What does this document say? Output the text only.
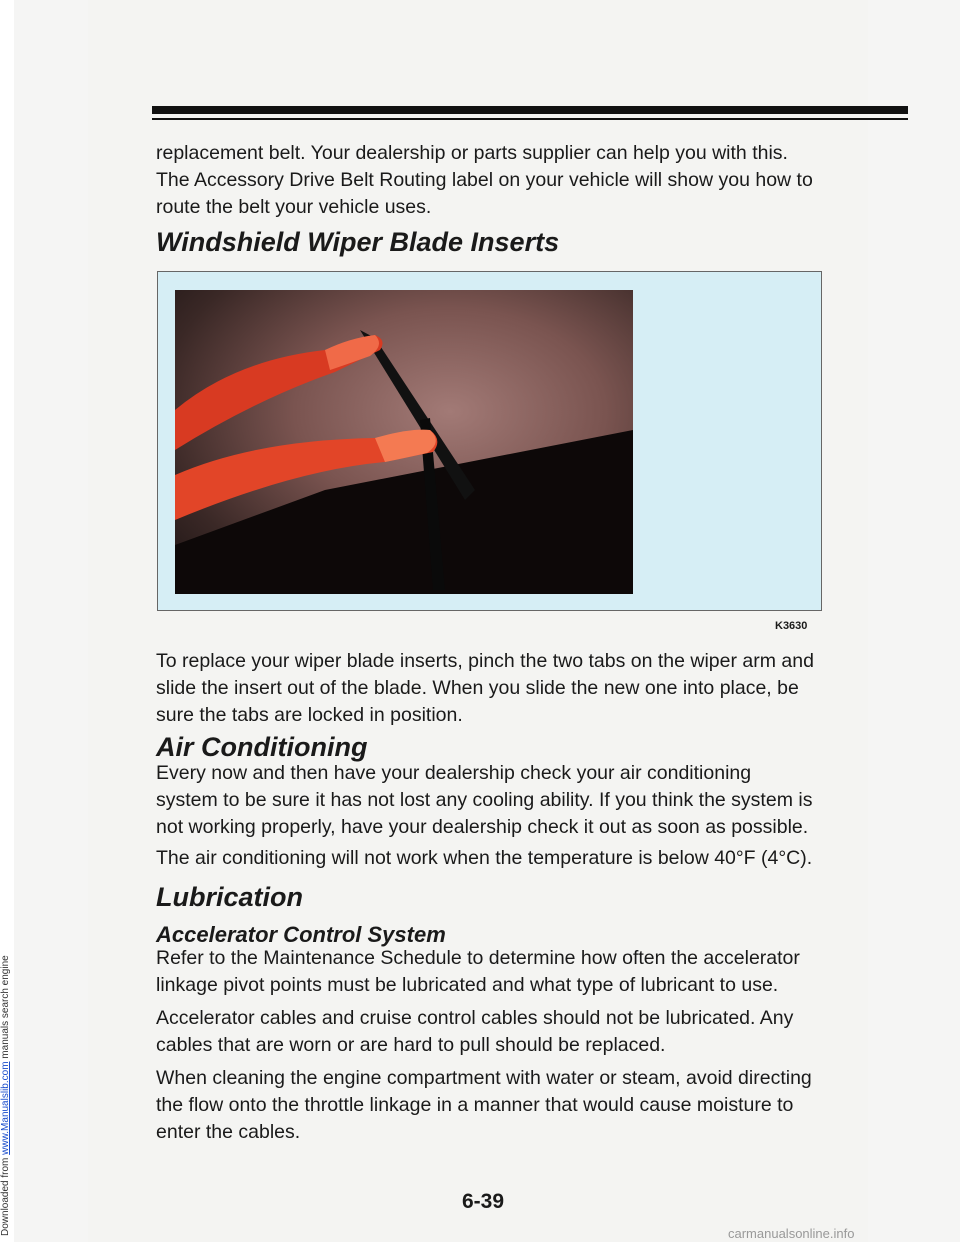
Downloaded from www.Manualslib.com manuals search engine

replacement belt. Your dealership or parts supplier can help you with this. The Accessory Drive Belt Routing label on your vehicle will show you how to route the belt your vehicle uses.

Windshield Wiper Blade Inserts
K3630

To replace your wiper blade inserts, pinch the two tabs on the wiper arm and slide the insert out of the blade. When you slide the new one into place, be sure the tabs are locked in position.

Air Conditioning

Every now and then have your dealership check your air conditioning system to be sure it has not lost any cooling ability. If you think the system is not working properly, have your dealership check it out as soon as possible.

The air conditioning will not work when the temperature is below 40°F (4°C).

Lubrication
Accelerator Control System

Refer to the Maintenance Schedule to determine how often the accelerator linkage pivot points must be lubricated and what type of lubricant to use.

Accelerator cables and cruise control cables should not be lubricated. Any cables that are worn or are hard to pull should be replaced.

When cleaning the engine compartment with water or steam, avoid directing the flow onto the throttle linkage in a manner that would cause moisture to enter the cables.

6-39
carmanualsonline.info
